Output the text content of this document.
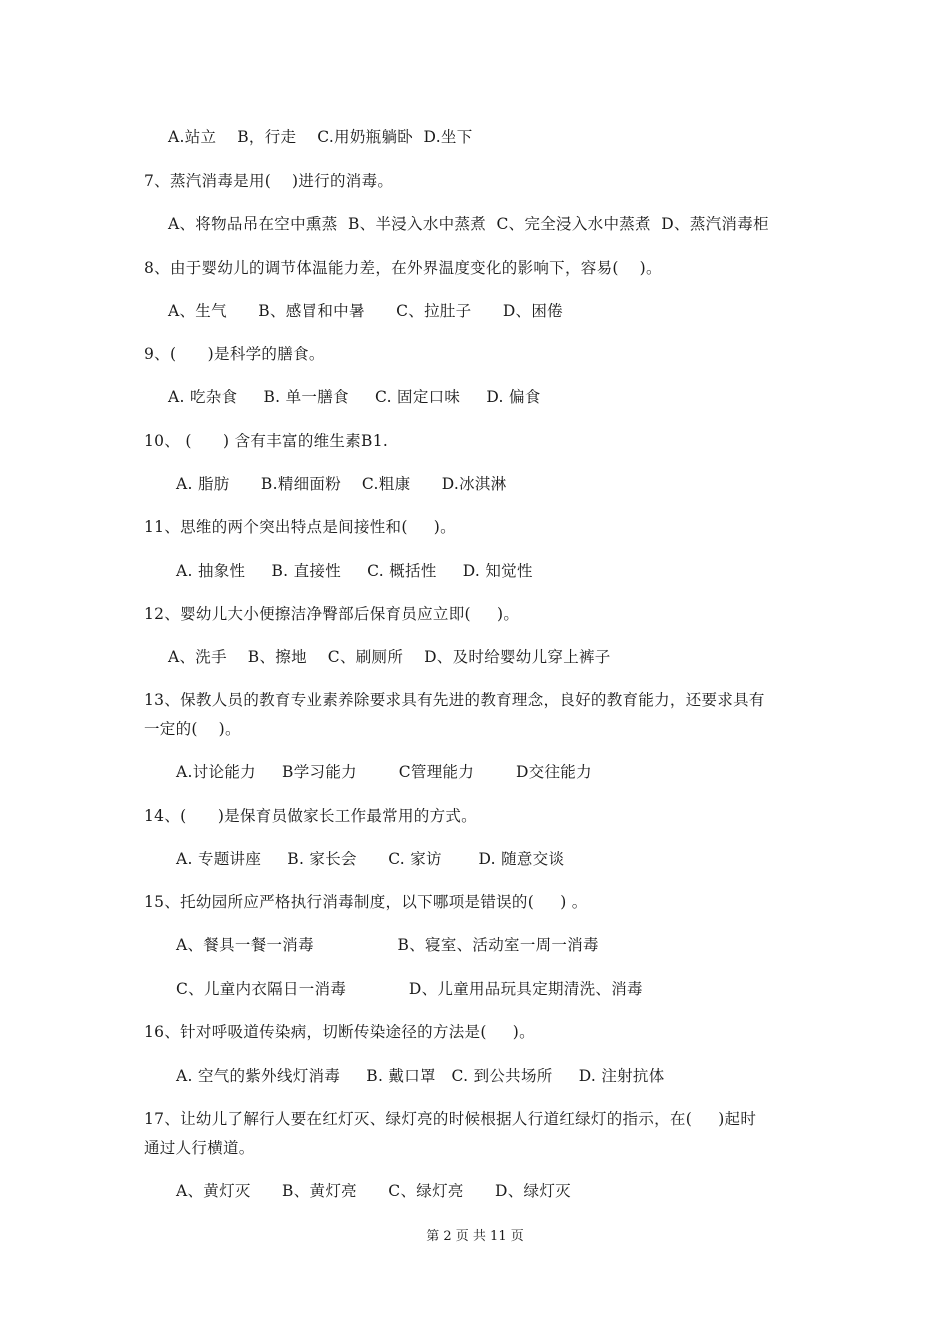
A.站立    B，行走    C.用奶瓶躺卧  D.坐下
7、蒸汽消毒是用(    )进行的消毒。
A、将物品吊在空中熏蒸  B、半浸入水中蒸煮  C、完全浸入水中蒸煮  D、蒸汽消毒柜
8、由于婴幼儿的调节体温能力差，在外界温度变化的影响下，容易(    )。
A、生气      B、感冒和中暑      C、拉肚子      D、困倦
9、(      )是科学的膳食。
A. 吃杂食     B. 单一膳食     C. 固定口味     D. 偏食
10、 (      ) 含有丰富的维生素B1.
A. 脂肪      B.精细面粉    C.粗康      D.冰淇淋
11、思维的两个突出特点是间接性和(     )。
A. 抽象性     B. 直接性     C. 概括性     D. 知觉性
12、婴幼儿大小便擦洁净臀部后保育员应立即(     )。
A、洗手    B、擦地    C、刷厕所    D、及时给婴幼儿穿上裤子
13、保教人员的教育专业素养除要求具有先进的教育理念，良好的教育能力，还要求具有
一定的(    )。
A.讨论能力     B学习能力        C管理能力        D交往能力
14、(      )是保育员做家长工作最常用的方式。
A. 专题讲座     B. 家长会      C. 家访       D. 随意交谈
15、托幼园所应严格执行消毒制度，以下哪项是错误的(     ) 。
A、餐具一餐一消毒                B、寝室、活动室一周一消毒
C、儿童内衣隔日一消毒            D、儿童用品玩具定期清洗、消毒
16、针对呼吸道传染病，切断传染途径的方法是(     )。
A. 空气的紫外线灯消毒     B. 戴口罩   C. 到公共场所     D. 注射抗体
17、让幼儿了解行人要在红灯灭、绿灯亮的时候根据人行道红绿灯的指示，在(     )起时
通过人行横道。
A、黄灯灭      B、黄灯亮      C、绿灯亮      D、绿灯灭
第 2 页 共 11 页
